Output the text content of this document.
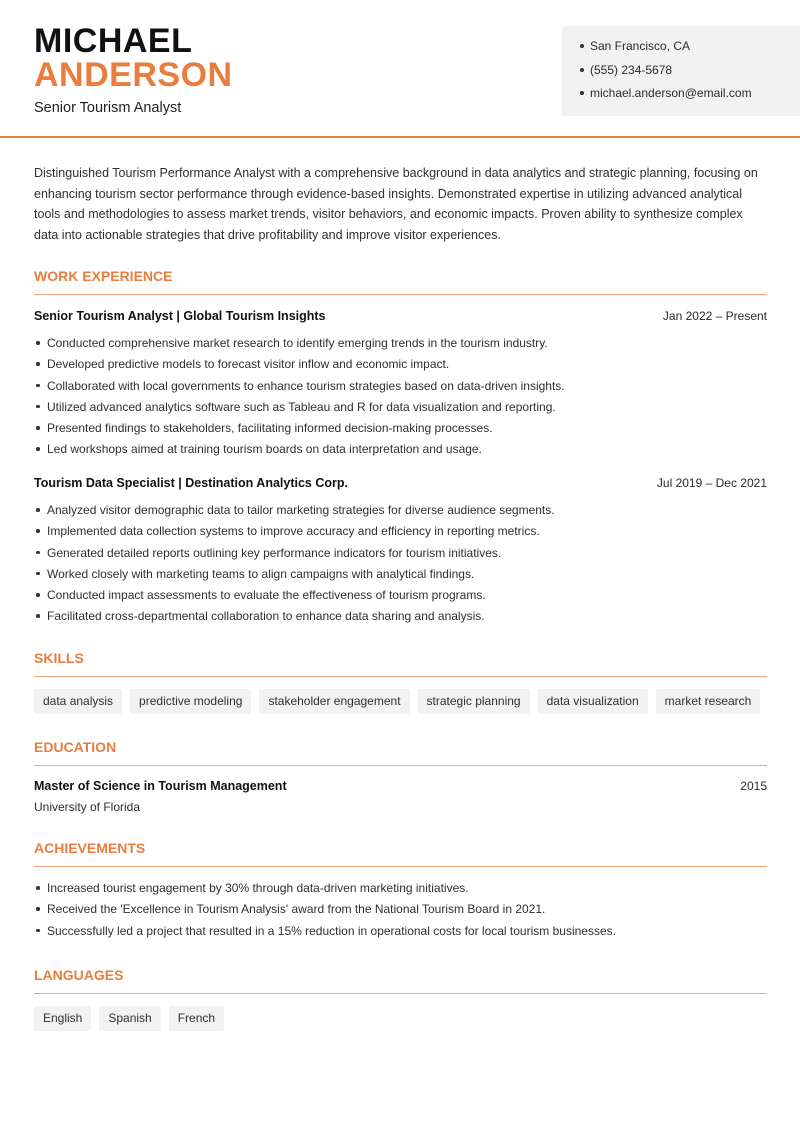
MICHAEL
ANDERSON
Senior Tourism Analyst
San Francisco, CA
(555) 234-5678
michael.anderson@email.com

Distinguished Tourism Performance Analyst with a comprehensive background in data analytics and strategic planning, focusing on enhancing tourism sector performance through evidence-based insights. Demonstrated expertise in utilizing advanced analytical tools and methodologies to assess market trends, visitor behaviors, and economic impacts. Proven ability to synthesize complex data into actionable strategies that drive profitability and improve visitor experiences.

WORK EXPERIENCE
Senior Tourism Analyst | Global Tourism Insights	Jan 2022 – Present
Conducted comprehensive market research to identify emerging trends in the tourism industry.
Developed predictive models to forecast visitor inflow and economic impact.
Collaborated with local governments to enhance tourism strategies based on data-driven insights.
Utilized advanced analytics software such as Tableau and R for data visualization and reporting.
Presented findings to stakeholders, facilitating informed decision-making processes.
Led workshops aimed at training tourism boards on data interpretation and usage.
Tourism Data Specialist | Destination Analytics Corp.	Jul 2019 – Dec 2021
Analyzed visitor demographic data to tailor marketing strategies for diverse audience segments.
Implemented data collection systems to improve accuracy and efficiency in reporting metrics.
Generated detailed reports outlining key performance indicators for tourism initiatives.
Worked closely with marketing teams to align campaigns with analytical findings.
Conducted impact assessments to evaluate the effectiveness of tourism programs.
Facilitated cross-departmental collaboration to enhance data sharing and analysis.
SKILLS
data analysis	predictive modeling	stakeholder engagement	strategic planning	data visualization	market research
EDUCATION
Master of Science in Tourism Management	2015
University of Florida
ACHIEVEMENTS
Increased tourist engagement by 30% through data-driven marketing initiatives.
Received the 'Excellence in Tourism Analysis' award from the National Tourism Board in 2021.
Successfully led a project that resulted in a 15% reduction in operational costs for local tourism businesses.
LANGUAGES
English	Spanish	French
